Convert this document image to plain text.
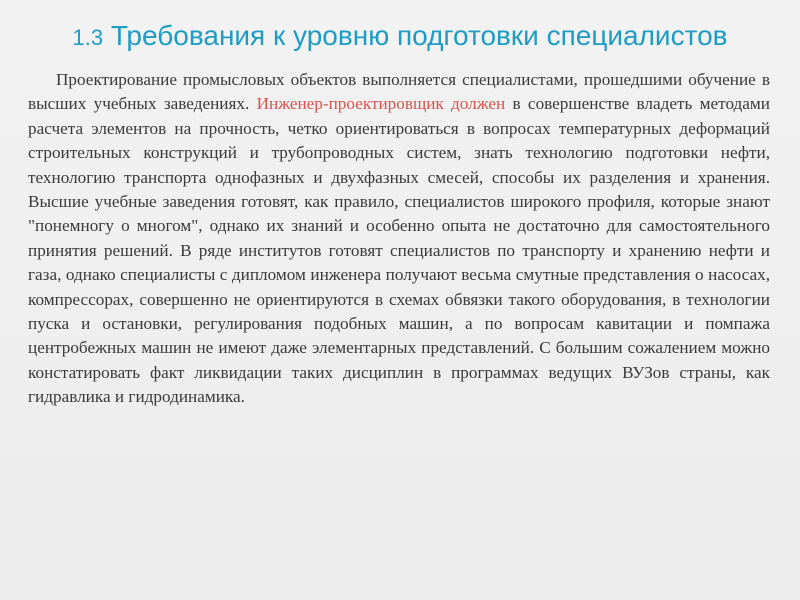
1.3 Требования к уровню подготовки специалистов

Проектирование промысловых объектов выполняется специалистами, прошедшими обучение в высших учебных заведениях. Инженер-проектировщик должен в совершенстве владеть методами расчета элементов на прочность, четко ориентироваться в вопросах температурных деформаций строительных конструкций и трубопроводных систем, знать технологию подготовки нефти, технологию транспорта однофазных и двухфазных смесей, способы их разделения и хранения. Высшие учебные заведения готовят, как правило, специалистов широкого профиля, которые знают "понемногу о многом", однако их знаний и особенно опыта не достаточно для самостоятельного принятия решений. В ряде институтов готовят специалистов по транспорту и хранению нефти и газа, однако специалисты с дипломом инженера получают весьма смутные представления о насосах, компрессорах, совершенно не ориентируются в схемах обвязки такого оборудования, в технологии пуска и остановки, регулирования подобных машин, а по вопросам кавитации и помпажа центробежных машин не имеют даже элементарных представлений. С большим сожалением можно констатировать факт ликвидации таких дисциплин в программах ведущих ВУЗов страны, как гидравлика и гидродинамика.
